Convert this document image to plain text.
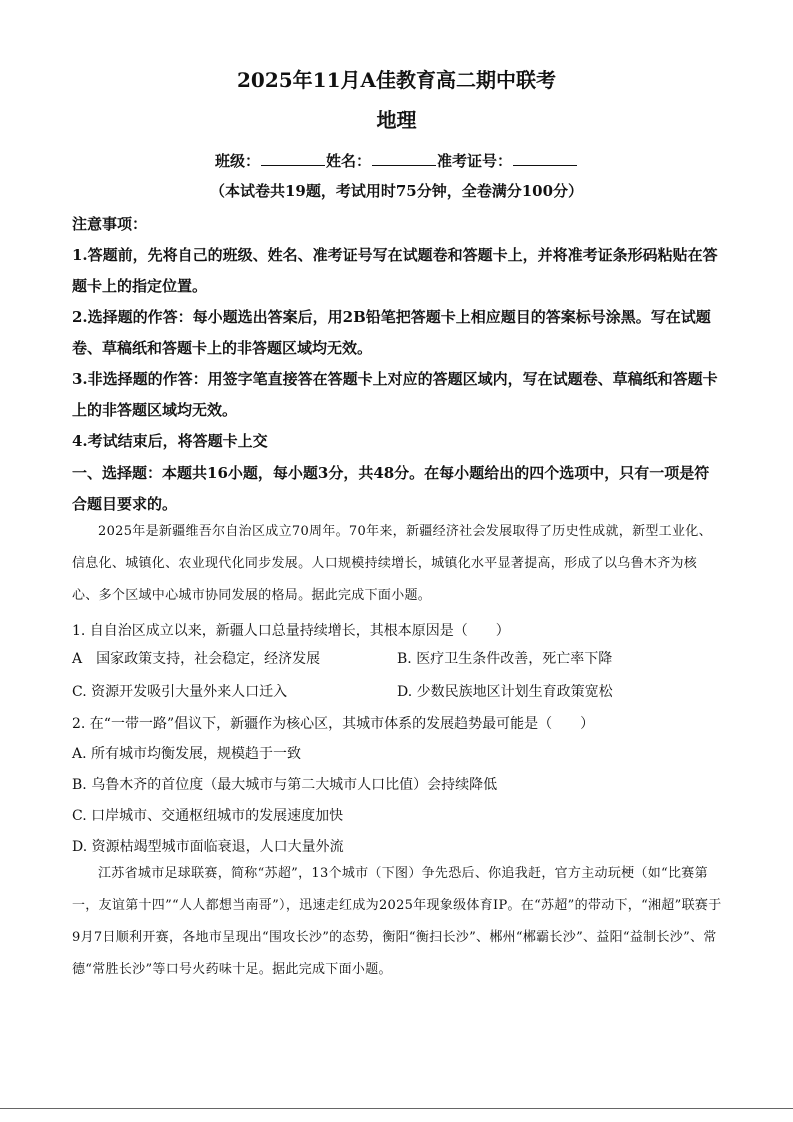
2025年11月A佳教育高二期中联考
地理
班级：	姓名：	准考证号：
（本试卷共19题，考试用时75分钟，全卷满分100分）
注意事项：
1.答题前，先将自己的班级、姓名、准考证号写在试题卷和答题卡上，并将准考证条形码粘贴在答题卡上的指定位置。
2.选择题的作答：每小题选出答案后，用2B铅笔把答题卡上相应题目的答案标号涂黑。写在试题卷、草稿纸和答题卡上的非答题区域均无效。
3.非选择题的作答：用签字笔直接答在答题卡上对应的答题区域内，写在试题卷、草稿纸和答题卡上的非答题区域均无效。
4.考试结束后，将答题卡上交
一、选择题：本题共16小题，每小题3分，共48分。在每小题给出的四个选项中，只有一项是符合题目要求的。
2025年是新疆维吾尔自治区成立70周年。70年来，新疆经济社会发展取得了历史性成就，新型工业化、信息化、城镇化、农业现代化同步发展。人口规模持续增长，城镇化水平显著提高，形成了以乌鲁木齐为核心、多个区域中心城市协同发展的格局。据此完成下面小题。
1. 自自治区成立以来，新疆人口总量持续增长，其根本原因是（　　）
A　国家政策支持，社会稳定，经济发展	B. 医疗卫生条件改善，死亡率下降
C. 资源开发吸引大量外来人口迁入	D. 少数民族地区计划生育政策宽松
2. 在“一带一路”倡议下，新疆作为核心区，其城市体系的发展趋势最可能是（　　）
A. 所有城市均衡发展，规模趋于一致
B. 乌鲁木齐的首位度（最大城市与第二大城市人口比值）会持续降低
C. 口岸城市、交通枢纽城市的发展速度加快
D. 资源枯竭型城市面临衰退，人口大量外流
江苏省城市足球联赛，简称“苏超”，13个城市（下图）争先恐后、你追我赶，官方主动玩梗（如“比赛第一，友谊第十四”“人人都想当南哥”），迅速走红成为2025年现象级体育IP。在“苏超”的带动下，“湘超”联赛于9月7日顺利开赛，各地市呈现出“围攻长沙”的态势，衡阳“衡扫长沙”、郴州“郴霸长沙”、益阳“益制长沙”、常德“常胜长沙”等口号火药味十足。据此完成下面小题。
